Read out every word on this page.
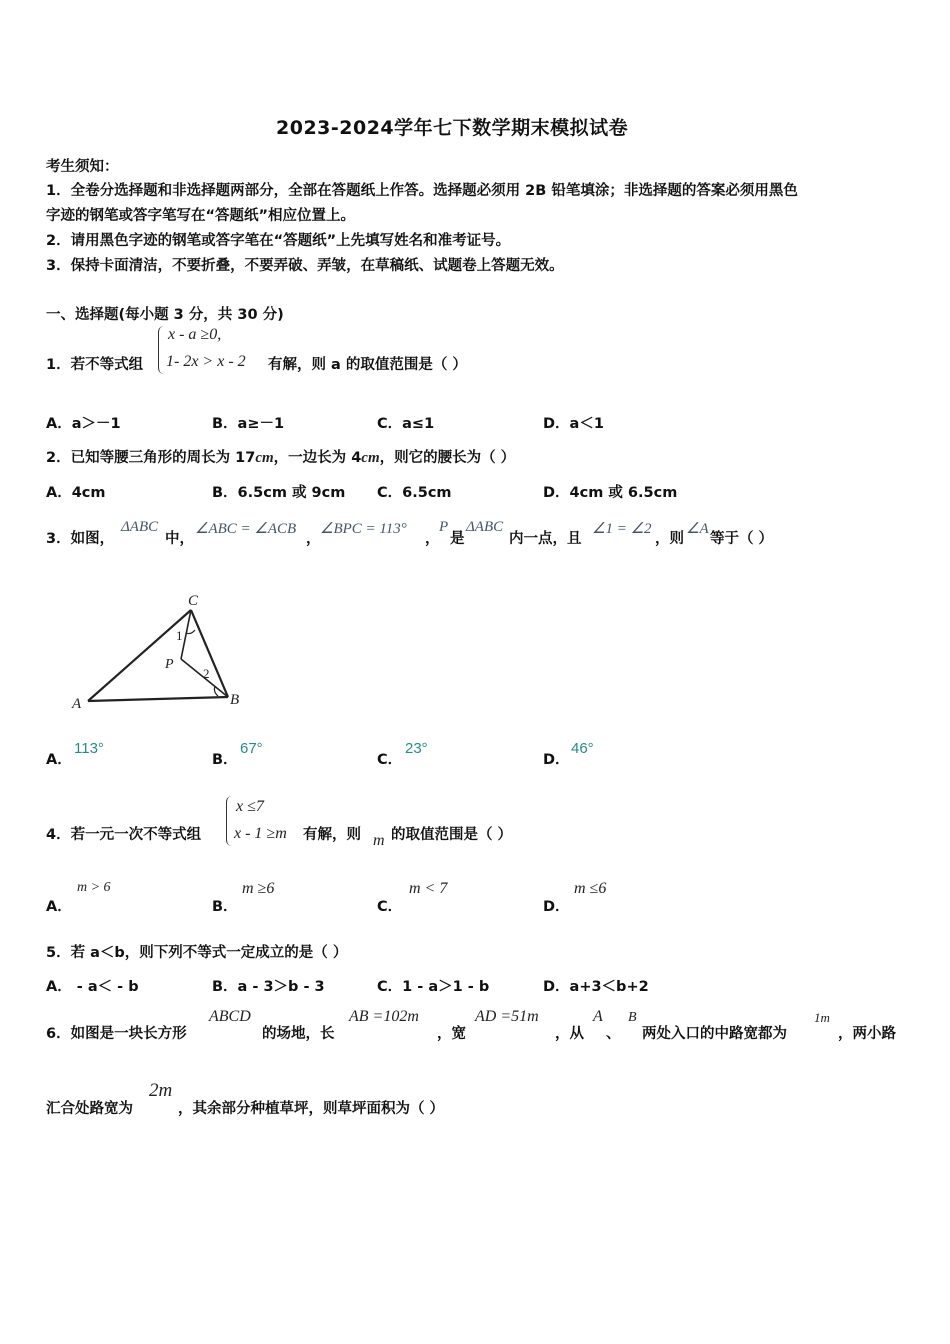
2023-2024学年七下数学期末模拟试卷
考生须知：
1．全卷分选择题和非选择题两部分，全部在答题纸上作答。选择题必须用 2B 铅笔填涂；非选择题的答案必须用黑色
字迹的钢笔或答字笔写在“答题纸”相应位置上。
2．请用黑色字迹的钢笔或答字笔在“答题纸”上先填写姓名和准考证号。
3．保持卡面清洁，不要折叠，不要弄破、弄皱，在草稿纸、试题卷上答题无效。
一、选择题(每小题 3 分，共 30 分)
1．若不等式组
x - a ≥0,
1- 2x > x - 2 有解，则 a 的取值范围是（ ）
A．a＞－1	B．a≥－1	C．a≤1	D．a＜1
2．已知等腰三角形的周长为 17cm，一边长为 4cm，则它的腰长为（ ）
A．4cm	B．6.5cm 或 9cm C．6.5cm	D．4cm 或 6.5cm
3．如图，
ΔABC
中，
∠ABC = ∠ACB
，
∠BPC = 113°
，
P
是
ΔABC
内一点，且
∠1 = ∠2
，则
∠A
等于（ ）
C
A	B
P
1
2
A．
113°
B．
67°
C．
23°
D．
46°
4．若一元一次不等式组
x ≤7
x - 1 ≥m 有解，则 m 的取值范围是（ ）
A．
m > 6
B．
m ≥6
C．
m < 7
D．
m ≤6
5．若 a＜b，则下列不等式一定成立的是（ ）
A． - a＜ - b	B．a - 3＞b - 3	C．1 - a＞1 - b	D．a+3＜b+2
6．如图是一块长方形
ABCD
的场地，长
AB =102m
，宽
AD =51m
，从
A
、
B
两处入口的中路宽都为
1m
，两小路
汇合处路宽为
2m
，其余部分种植草坪，则草坪面积为（ ）
